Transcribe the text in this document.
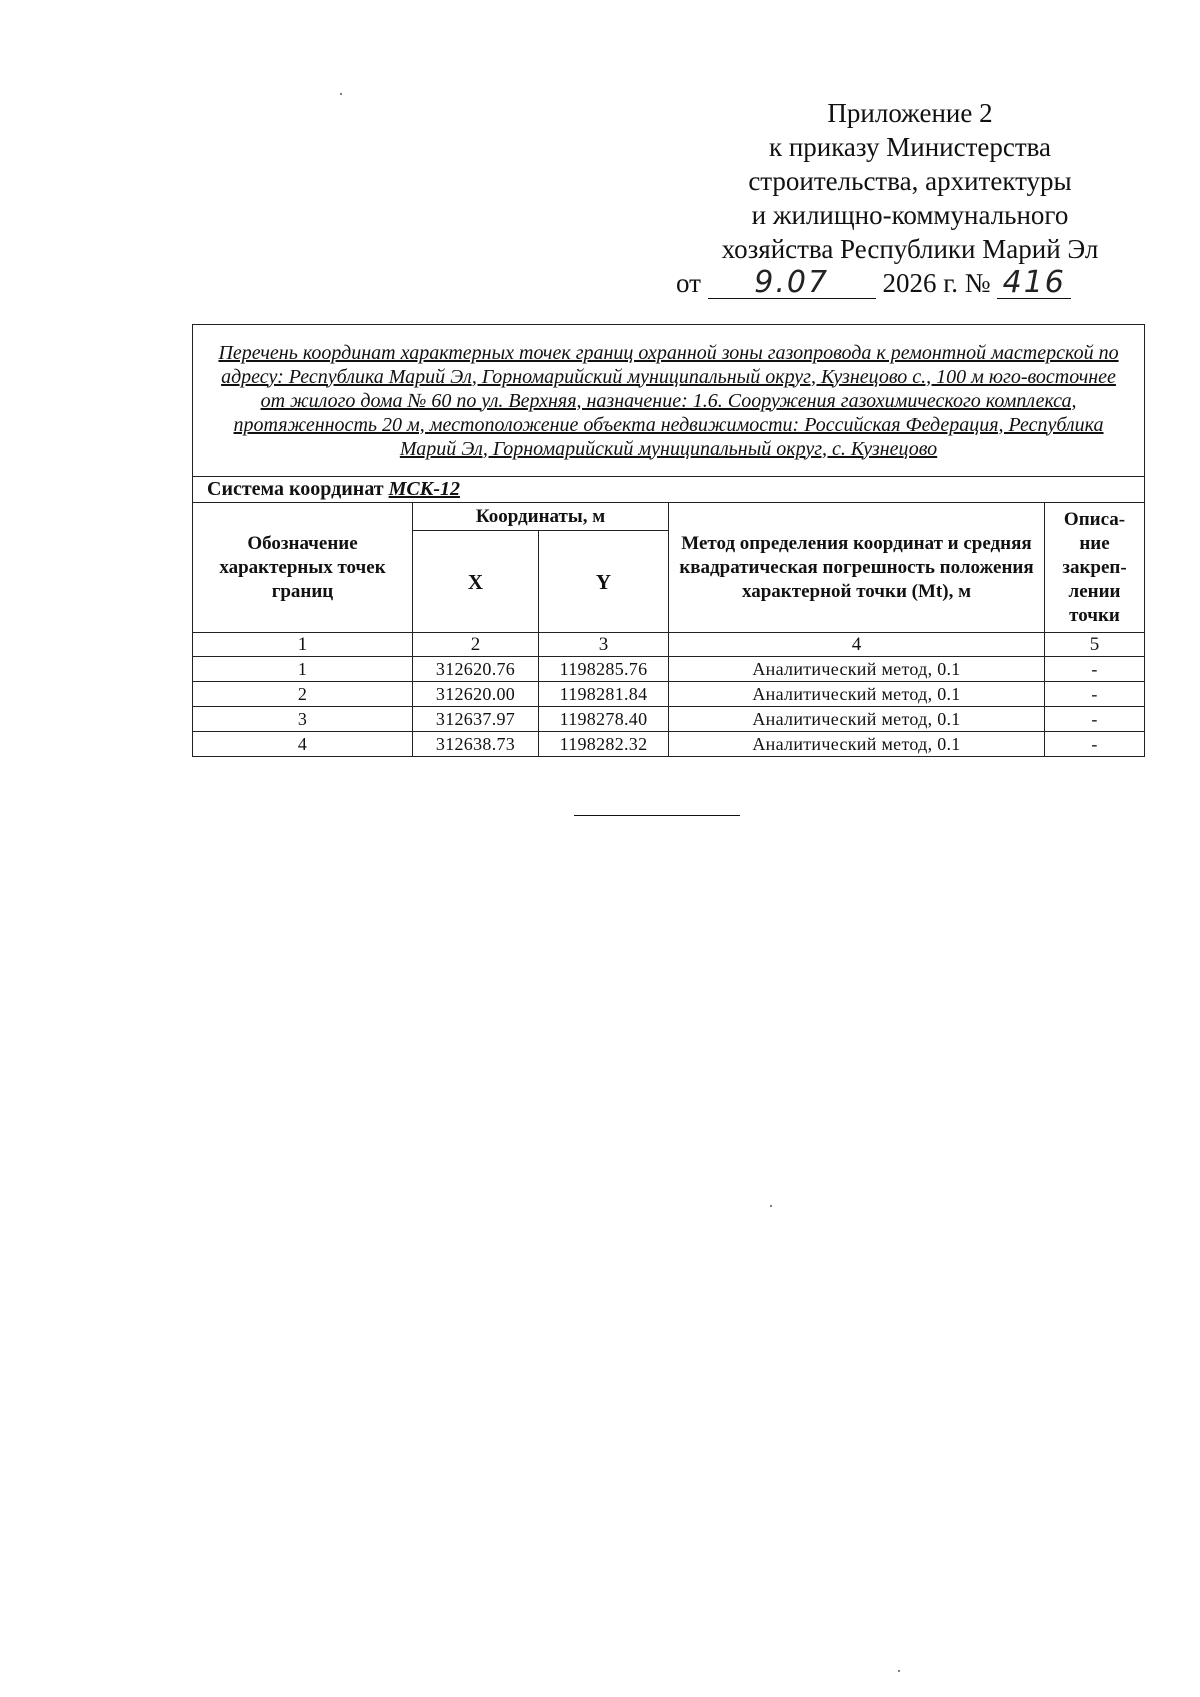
Приложение 2
к приказу Министерства
строительства, архитектуры
и жилищно-коммунального
хозяйства Республики Марий Эл
от 9.07 2026 г. № 416
Перечень координат характерных точек границ охранной зоны газопровода к ремонтной мастерской по адресу: Республика Марий Эл, Горномарийский муниципальный округ, Кузнецово с., 100 м юго-восточнее от жилого дома № 60 по ул. Верхняя, назначение: 1.6. Сооружения газохимического комплекса, протяженность 20 м, местоположение объекта недвижимости: Российская Федерация, Республика Марий Эл, Горномарийский муниципальный округ, с. Кузнецово				
Система координат МСК-12				
Обозначение характерных точек границ	Координаты, м		Метод определения координат и средняя квадратическая погрешность положения характерной точки (Mt), м	Описа-ние закреп-лении точки
	X	Y		
1	2	3	4	5
1	312620.76	1198285.76	Аналитический метод, 0.1	-
2	312620.00	1198281.84	Аналитический метод, 0.1	-
3	312637.97	1198278.40	Аналитический метод, 0.1	-
4	312638.73	1198282.32	Аналитический метод, 0.1	-
